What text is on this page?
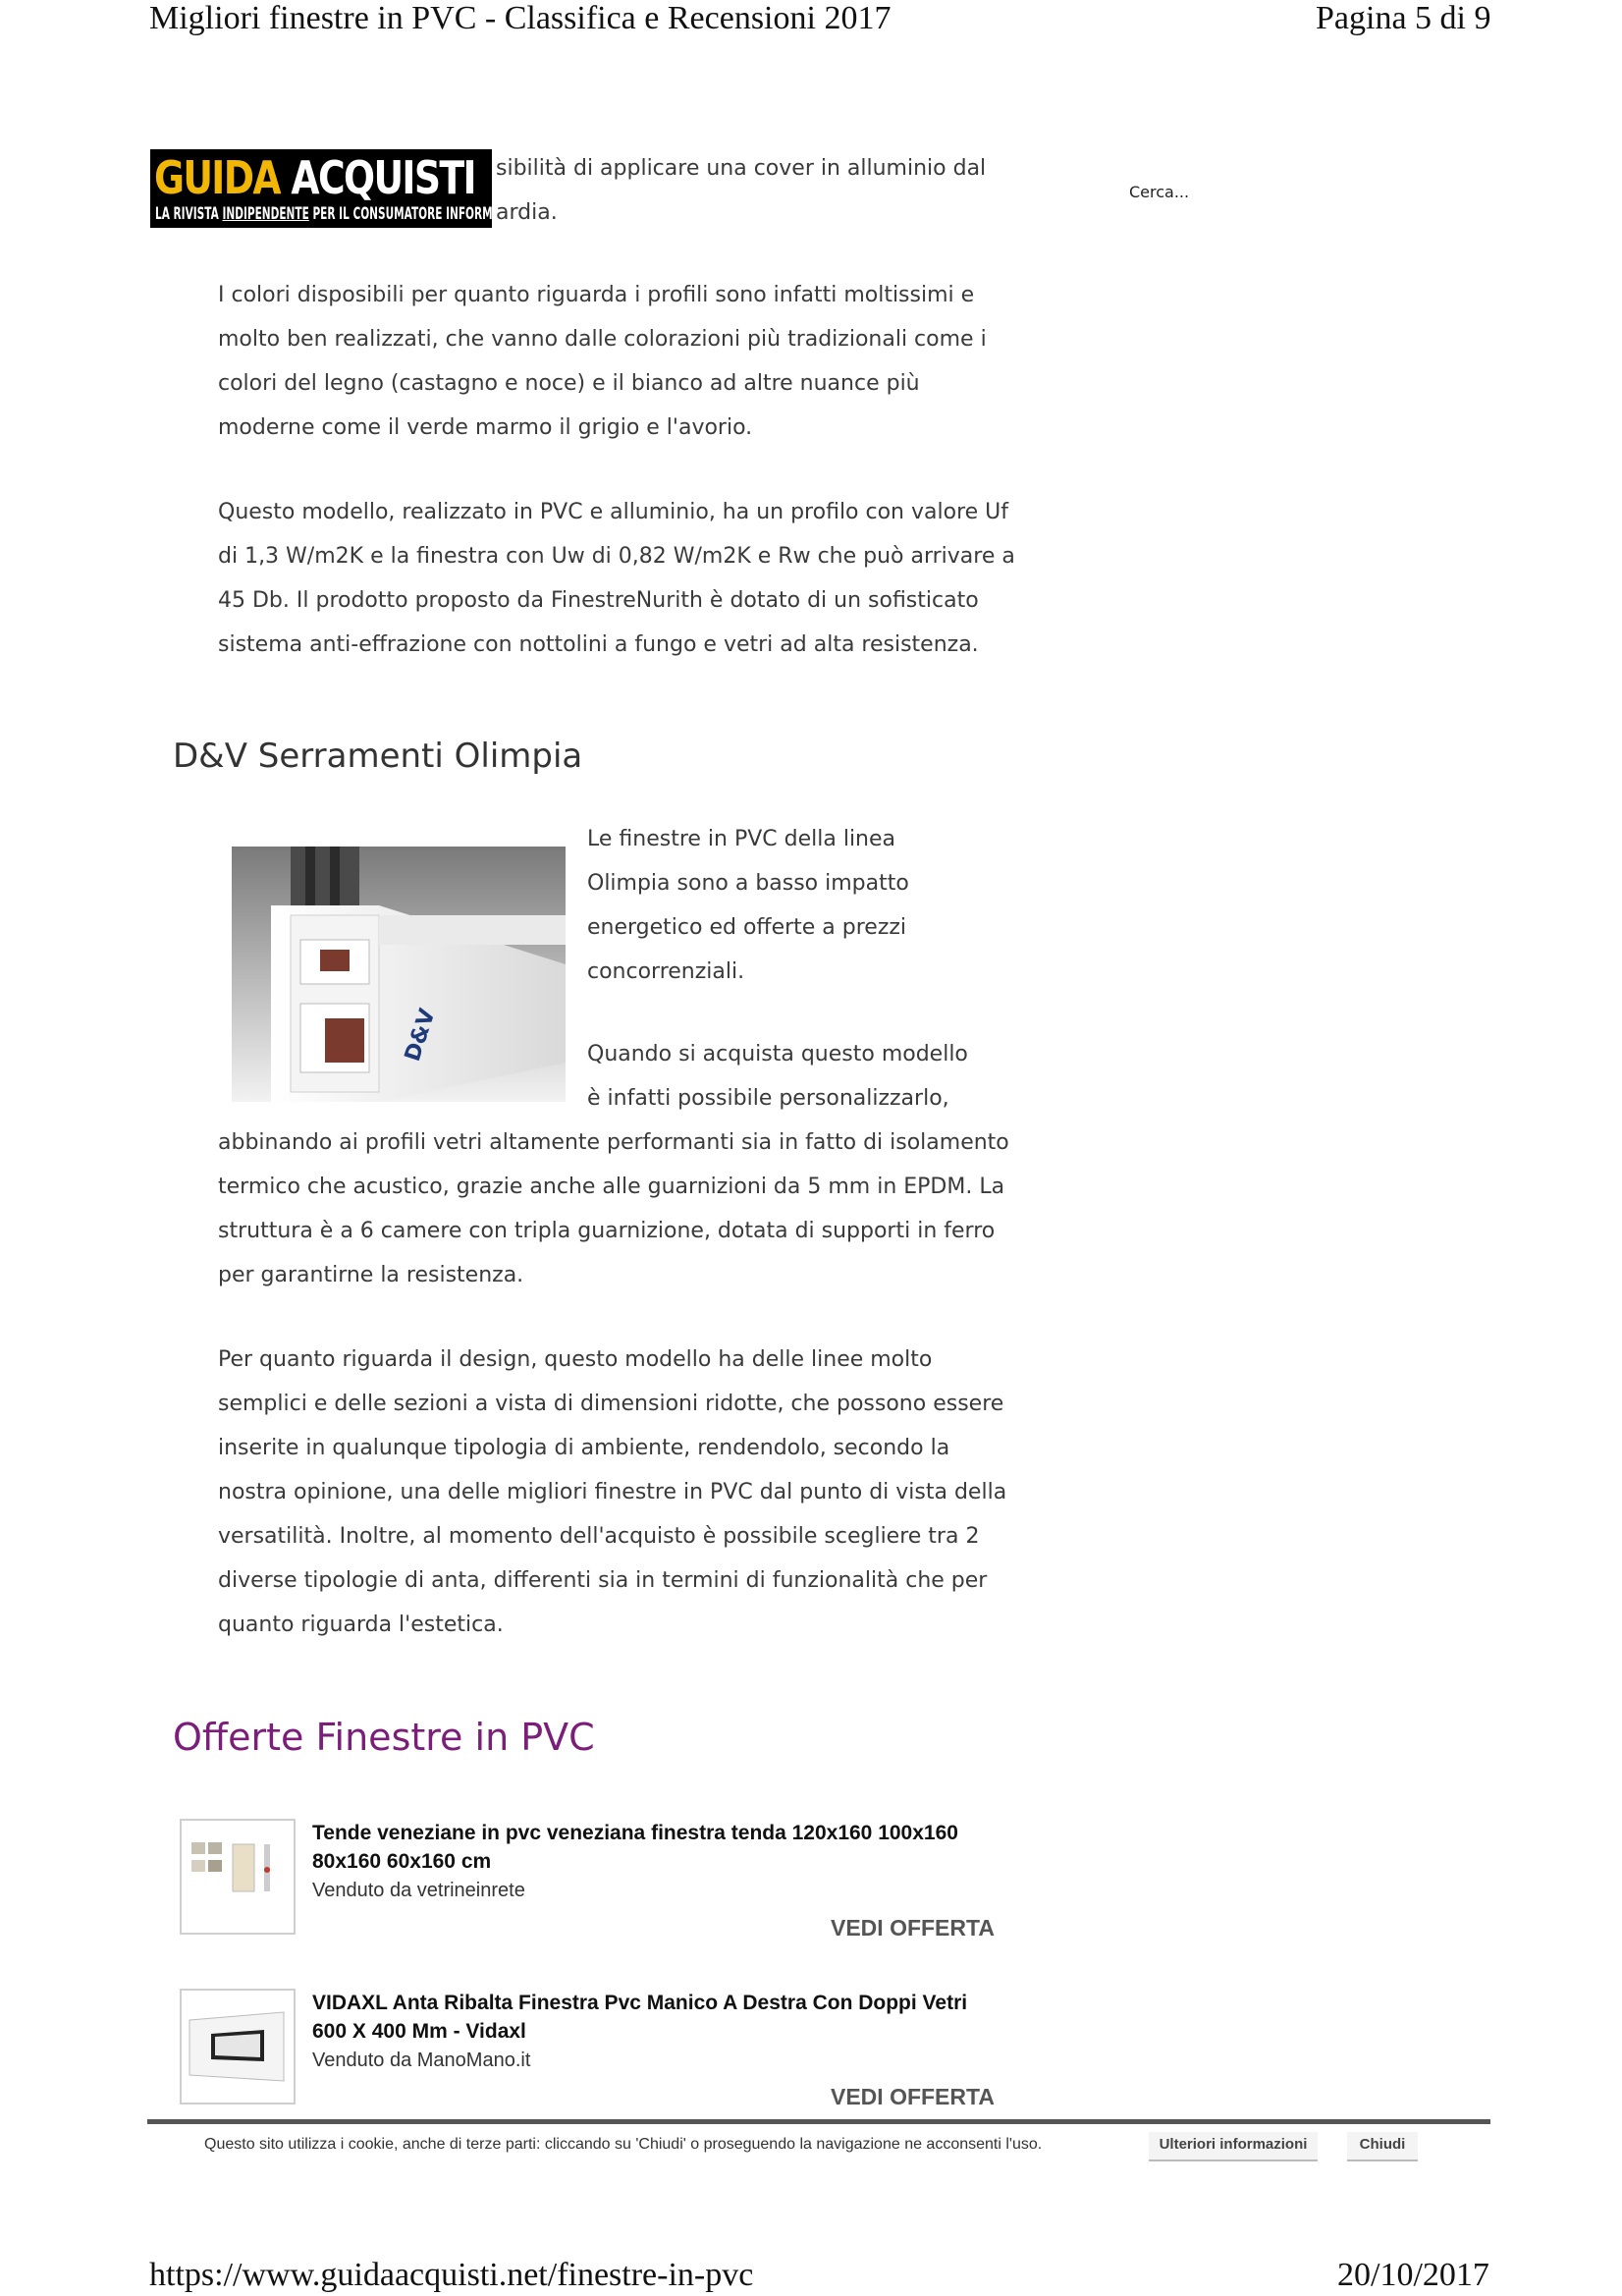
Migliori finestre in PVC - Classifica e Recensioni 2017	Pagina 5 di 9
GUIDA ACQUISTI
LA RIVISTA INDIPENDENTE PER IL CONSUMATORE INFORMATO
Cerca...
sibilità di applicare una cover in alluminio dal
ardia.
I colori disposibili per quanto riguarda i profili sono infatti moltissimi e
molto ben realizzati, che vanno dalle colorazioni più tradizionali come i
colori del legno (castagno e noce) e il bianco ad altre nuance più
moderne come il verde marmo il grigio e l'avorio.
Questo modello, realizzato in PVC e alluminio, ha un profilo con valore Uf
di 1,3 W/m2K e la finestra con Uw di 0,82 W/m2K e Rw che può arrivare a
45 Db. Il prodotto proposto da FinestreNurith è dotato di un sofisticato
sistema anti-effrazione con nottolini a fungo e vetri ad alta resistenza.
D&V Serramenti Olimpia
D&V
Le finestre in PVC della linea
Olimpia sono a basso impatto
energetico ed offerte a prezzi
concorrenziali.
Quando si acquista questo modello
è infatti possibile personalizzarlo,
abbinando ai profili vetri altamente performanti sia in fatto di isolamento
termico che acustico, grazie anche alle guarnizioni da 5 mm in EPDM. La
struttura è a 6 camere con tripla guarnizione, dotata di supporti in ferro
per garantirne la resistenza.
Per quanto riguarda il design, questo modello ha delle linee molto
semplici e delle sezioni a vista di dimensioni ridotte, che possono essere
inserite in qualunque tipologia di ambiente, rendendolo, secondo la
nostra opinione, una delle migliori finestre in PVC dal punto di vista della
versatilità. Inoltre, al momento dell'acquisto è possibile scegliere tra 2
diverse tipologie di anta, differenti sia in termini di funzionalità che per
quanto riguarda l'estetica.
Offerte Finestre in PVC
Tende veneziane in pvc veneziana finestra tenda 120x160 100x160
80x160 60x160 cm
Venduto da vetrineinrete
VEDI OFFERTA
VIDAXL Anta Ribalta Finestra Pvc Manico A Destra Con Doppi Vetri
600 X 400 Mm - Vidaxl
Venduto da ManoMano.it
VEDI OFFERTA
Questo sito utilizza i cookie, anche di terze parti: cliccando su 'Chiudi' o proseguendo la navigazione ne acconsenti l'uso.	Ulteriori informazioni	Chiudi
https://www.guidaacquisti.net/finestre-in-pvc	20/10/2017
